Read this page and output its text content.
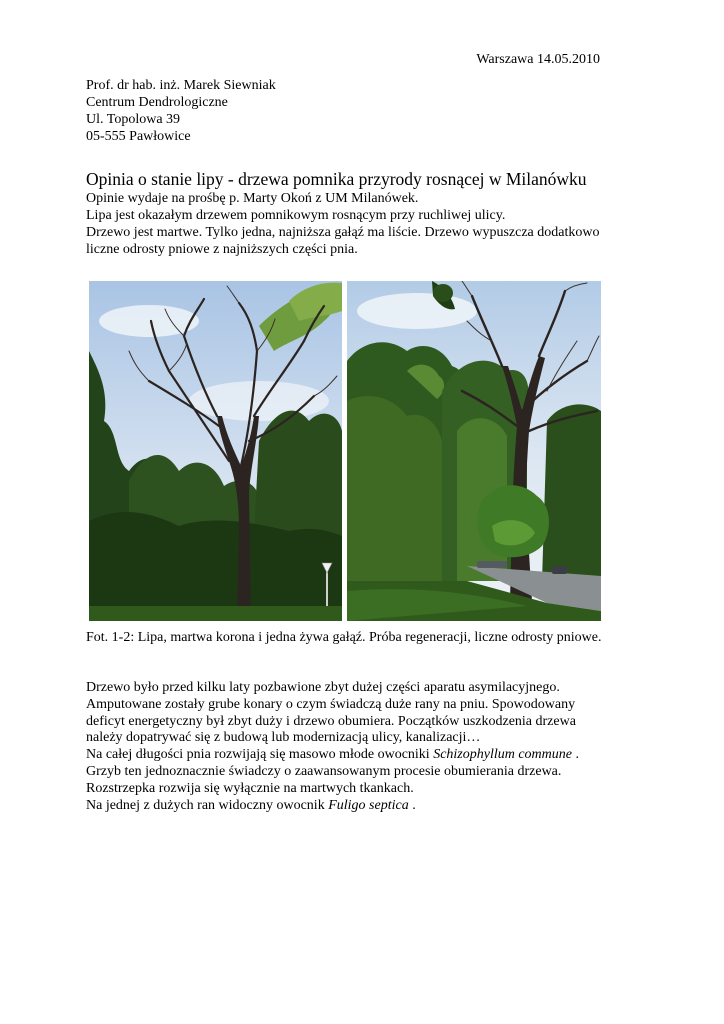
Warszawa 14.05.2010
Prof. dr hab. inż. Marek Siewniak
Centrum Dendrologiczne
Ul. Topolowa 39
05-555 Pawłowice
Opinia o stanie lipy - drzewa pomnika przyrody rosnącej w Milanówku
Opinie wydaje na prośbę p. Marty Okoń z UM Milanówek.
Lipa jest okazałym drzewem pomnikowym rosnącym przy ruchliwej ulicy.
Drzewo jest martwe. Tylko jedna, najniższa gałąź ma liście. Drzewo wypuszcza dodatkowo
liczne odrosty pniowe z najniższych części pnia.
Fot. 1-2: Lipa, martwa korona i jedna żywa gałąź. Próba regeneracji, liczne odrosty pniowe.
Drzewo było przed kilku laty pozbawione zbyt dużej części aparatu asymilacyjnego.
Amputowane zostały grube konary o czym świadczą duże rany na pniu. Spowodowany
deficyt energetyczny był zbyt duży i drzewo obumiera. Początków uszkodzenia drzewa
należy dopatrywać się z budową lub modernizacją ulicy, kanalizacji…
Na całej długości pnia rozwijają się masowo młode owocniki Schizophyllum commune .
Grzyb ten jednoznacznie świadczy o zaawansowanym procesie obumierania drzewa.
Rozstrzepka rozwija się wyłącznie na martwych tkankach.
Na jednej z dużych ran widoczny owocnik Fuligo septica .
